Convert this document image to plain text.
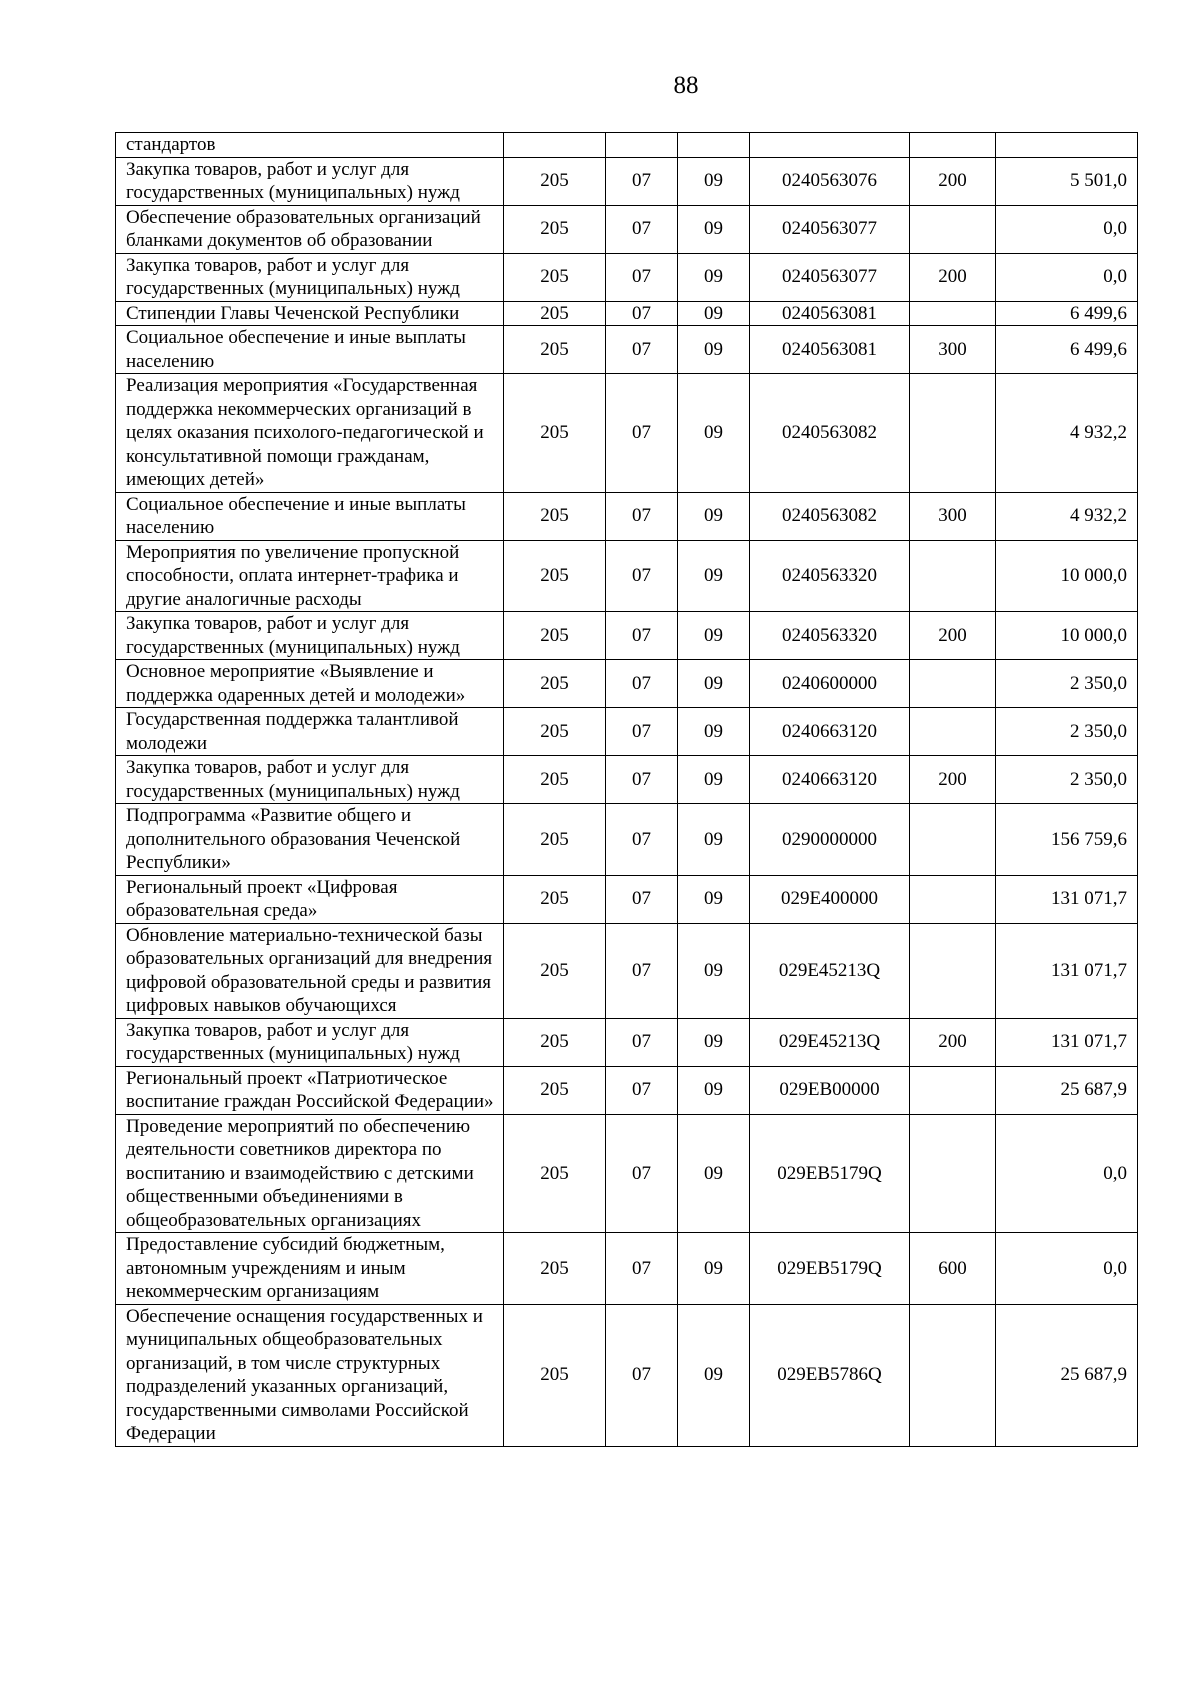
88
стандартов						
Закупка товаров, работ и услуг для государственных (муниципальных) нужд	205	07	09	0240563076	200	5 501,0
Обеспечение образовательных организаций бланками документов об образовании	205	07	09	0240563077		0,0
Закупка товаров, работ и услуг для государственных (муниципальных) нужд	205	07	09	0240563077	200	0,0
Стипендии Главы Чеченской Республики	205	07	09	0240563081		6 499,6
Социальное обеспечение и иные выплаты населению	205	07	09	0240563081	300	6 499,6
Реализация мероприятия «Государственная поддержка некоммерческих организаций в целях оказания психолого-педагогической и консультативной помощи гражданам, имеющих детей»	205	07	09	0240563082		4 932,2
Социальное обеспечение и иные выплаты населению	205	07	09	0240563082	300	4 932,2
Мероприятия по увеличение пропускной способности, оплата интернет-трафика и другие аналогичные расходы	205	07	09	0240563320		10 000,0
Закупка товаров, работ и услуг для государственных (муниципальных) нужд	205	07	09	0240563320	200	10 000,0
Основное мероприятие «Выявление и поддержка одаренных детей и молодежи»	205	07	09	0240600000		2 350,0
Государственная поддержка талантливой молодежи	205	07	09	0240663120		2 350,0
Закупка товаров, работ и услуг для государственных (муниципальных) нужд	205	07	09	0240663120	200	2 350,0
Подпрограмма «Развитие общего и дополнительного образования Чеченской Республики»	205	07	09	0290000000		156 759,6
Региональный проект «Цифровая образовательная среда»	205	07	09	029E400000		131 071,7
Обновление материально-технической базы образовательных организаций для внедрения цифровой образовательной среды и развития цифровых навыков обучающихся	205	07	09	029E45213Q		131 071,7
Закупка товаров, работ и услуг для государственных (муниципальных) нужд	205	07	09	029E45213Q	200	131 071,7
Региональный проект «Патриотическое воспитание граждан Российской Федерации»	205	07	09	029EB00000		25 687,9
Проведение мероприятий по обеспечению деятельности советников директора по воспитанию и взаимодействию с детскими общественными объединениями в общеобразовательных организациях	205	07	09	029EB5179Q		0,0
Предоставление субсидий бюджетным, автономным учреждениям и иным некоммерческим организациям	205	07	09	029EB5179Q	600	0,0
Обеспечение оснащения государственных и муниципальных общеобразовательных организаций, в том числе структурных подразделений указанных организаций, государственными символами Российской Федерации	205	07	09	029EB5786Q		25 687,9
